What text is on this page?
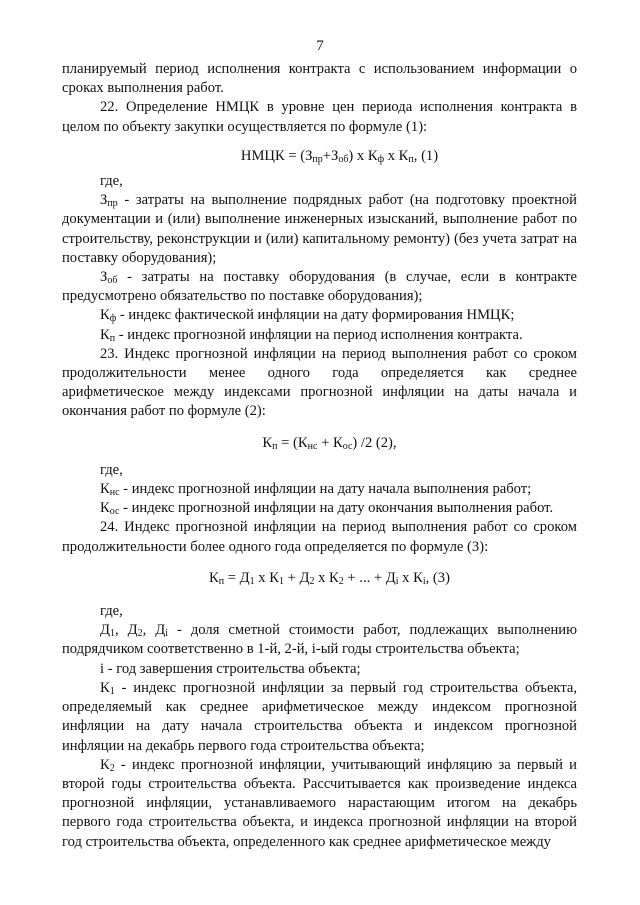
7

планируемый период исполнения контракта с использованием информации о сроках выполнения работ.

22. Определение НМЦК в уровне цен периода исполнения контракта в целом по объекту закупки осуществляется по формуле (1):

НМЦК = $(З_{пр}+З_{об})$ x $К_ф$ x $К_п$, (1)

где,

$З_{пр}$ - затраты на выполнение подрядных работ (на подготовку проектной документации и (или) выполнение инженерных изысканий, выполнение работ по строительству, реконструкции и (или) капитальному ремонту) (без учета затрат на поставку оборудования);

$З_{об}$ - затраты на поставку оборудования (в случае, если в контракте предусмотрено обязательство по поставке оборудования);

$К_ф$ - индекс фактической инфляции на дату формирования НМЦК;

$К_п$ - индекс прогнозной инфляции на период исполнения контракта.

23. Индекс прогнозной инфляции на период выполнения работ со сроком

продолжительности менее одного года определяется как среднее

арифметическое между индексами прогнозной инфляции на даты начала и окончания работ по формуле (2):

$К_п = (К_{нс} + К_{ос})$ /2 (2),

где,

$К_{нс}$ - индекс прогнозной инфляции на дату начала выполнения работ;

$К_{ос}$ - индекс прогнозной инфляции на дату окончания выполнения работ.

24. Индекс прогнозной инфляции на период выполнения работ со сроком продолжительности более одного года определяется по формуле (3):

$К_п = Д_1$ x $К_1 + Д_2$ x $К_2$ + ... + $Д_i$ x $К_i$, (3)

где,

$Д_1$, $Д_2$, $Д_i$ - доля сметной стоимости работ, подлежащих выполнению подрядчиком соответственно в 1-й, 2-й, i-ый годы строительства объекта;

i - год завершения строительства объекта;

$К_1$ - индекс прогнозной инфляции за первый год строительства объекта, определяемый как среднее арифметическое между индексом прогнозной инфляции на дату начала строительства объекта и индексом прогнозной инфляции на декабрь первого года строительства объекта;

$К_2$ - индекс прогнозной инфляции, учитывающий инфляцию за первый и второй годы строительства объекта. Рассчитывается как произведение индекса прогнозной инфляции, устанавливаемого нарастающим итогом на декабрь первого года строительства объекта, и индекса прогнозной инфляции на второй год строительства объекта, определенного как среднее арифметическое между
